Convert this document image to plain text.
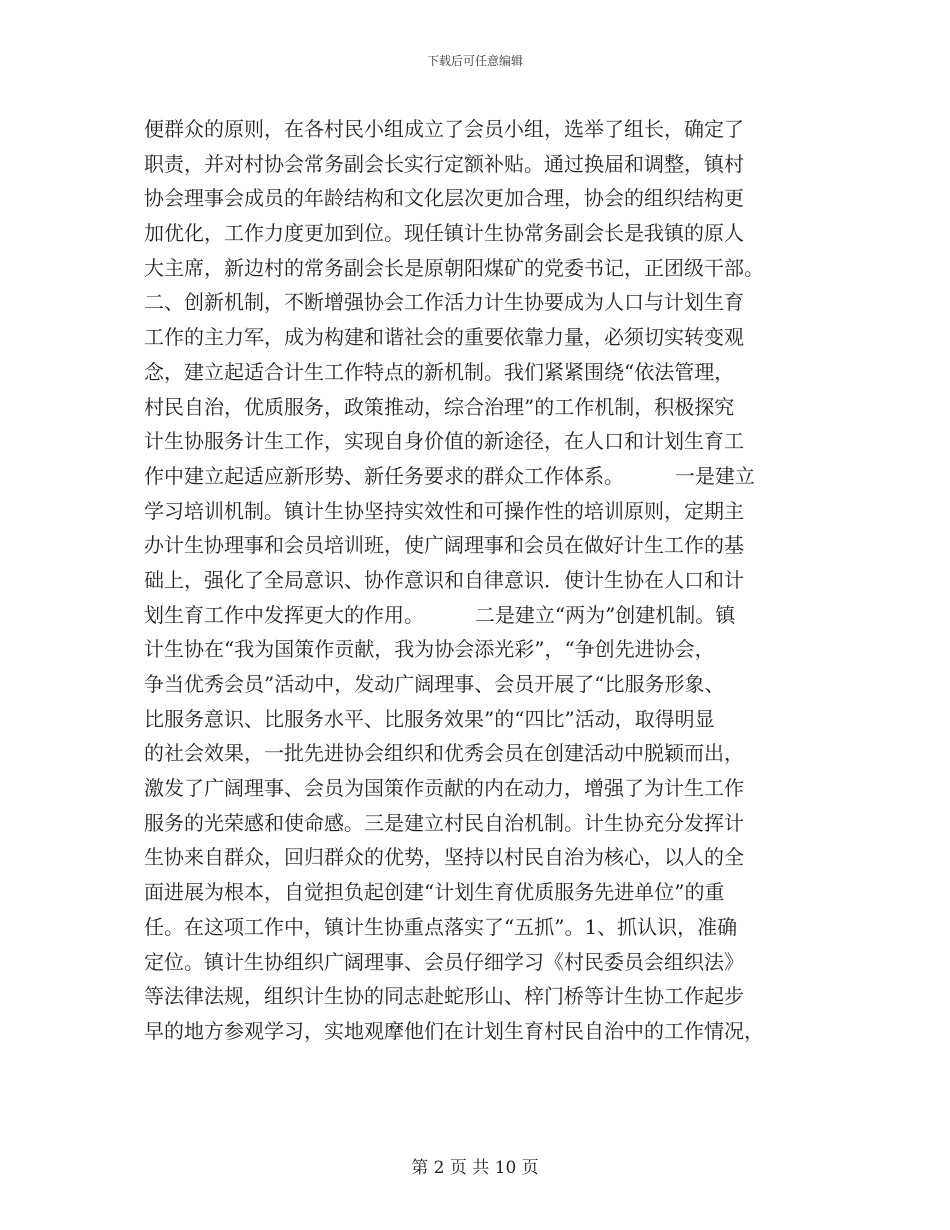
下载后可任意编辑
便群众的原则，在各村民小组成立了会员小组，选举了组长，确定了
职责，并对村协会常务副会长实行定额补贴。通过换届和调整，镇村
协会理事会成员的年龄结构和文化层次更加合理，协会的组织结构更
加优化，工作力度更加到位。现任镇计生协常务副会长是我镇的原人
大主席，新边村的常务副会长是原朝阳煤矿的党委书记，正团级干部。
二、创新机制，不断增强协会工作活力计生协要成为人口与计划生育
工作的主力军，成为构建和谐社会的重要依靠力量，必须切实转变观
念，建立起适合计生工作特点的新机制。我们紧紧围绕“依法管理，
村民自治，优质服务，政策推动，综合治理”的工作机制，积极探究
计生协服务计生工作，实现自身价值的新途径，在人口和计划生育工
作中建立起适应新形势、新任务要求的群众工作体系。        一是建立
学习培训机制。镇计生协坚持实效性和可操作性的培训原则，定期主
办计生协理事和会员培训班，使广阔理事和会员在做好计生工作的基
础上，强化了全局意识、协作意识和自律意识．使计生协在人口和计
划生育工作中发挥更大的作用。        二是建立“两为”创建机制。镇
计生协在“我为国策作贡献，我为协会添光彩”，“争创先进协会，
争当优秀会员”活动中，发动广阔理事、会员开展了“比服务形象、
比服务意识、比服务水平、比服务效果”的“四比”活动，取得明显
的社会效果，一批先进协会组织和优秀会员在创建活动中脱颖而出，
激发了广阔理事、会员为国策作贡献的内在动力，增强了为计生工作
服务的光荣感和使命感。三是建立村民自治机制。计生协充分发挥计
生协来自群众，回归群众的优势，坚持以村民自治为核心，以人的全
面进展为根本，自觉担负起创建“计划生育优质服务先进单位”的重
任。在这项工作中，镇计生协重点落实了“五抓”。1、抓认识，准确
定位。镇计生协组织广阔理事、会员仔细学习《村民委员会组织法》
等法律法规，组织计生协的同志赴蛇形山、梓门桥等计生协工作起步
早的地方参观学习，实地观摩他们在计划生育村民自治中的工作情况，
第 2 页 共 10 页
